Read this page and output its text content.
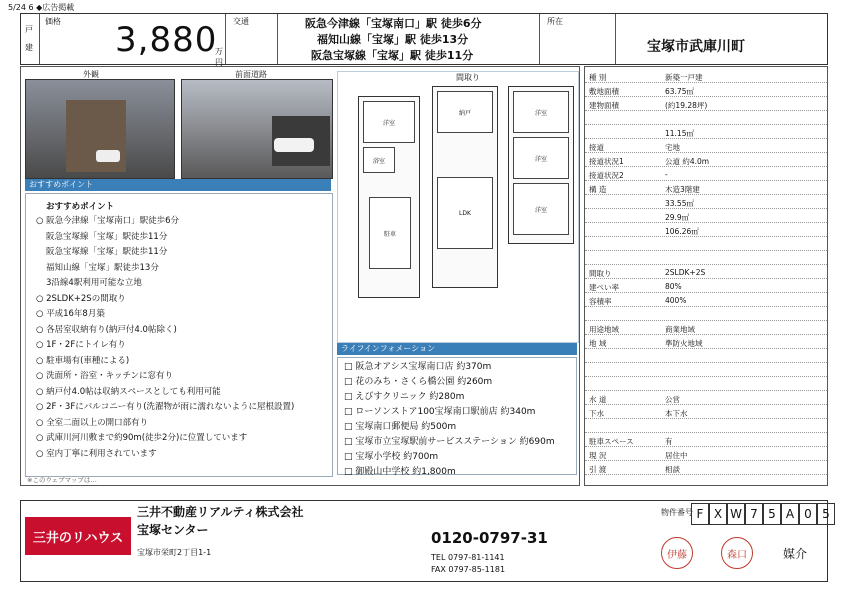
5/24 6 ◆広告掲載
戸
建
価格 3,880
万円
交通	阪急今津線「宝塚南口」駅 徒歩6分
福知山線「宝塚」駅 徒歩13分
阪急宝塚線「宝塚」駅 徒歩11分
所在
宝塚市武庫川町
外観	前面道路	間取り
洋室
浴室
駐車
納戸
LDK
洋室
洋室
洋室
おすすめポイント
おすすめポイント
○ 阪急今津線「宝塚南口」駅徒歩6分
阪急宝塚線「宝塚」駅徒歩11分
阪急宝塚線「宝塚」駅徒歩11分
福知山線「宝塚」駅徒歩13分
3沿線4駅利用可能な立地
○ 2SLDK+2Sの間取り
○ 平成16年8月築
○ 各居室収納有り(納戸付4.0帖除く)
○ 1F・2Fにトイレ有り
○ 駐車場有(車種による)
○ 洗面所・浴室・キッチンに窓有り
○ 納戸付4.0帖は収納スペースとしても利用可能
○ 2F・3Fにバルコニー有り(洗濯物が雨に濡れないように屋根設置)
○ 全室二面以上の開口部有り
○ 武庫川河川敷まで約90m(徒歩2分)に位置しています
○ 室内丁寧に利用されています
ライフインフォメーション
□ 阪急オアシス宝塚南口店 約370m
□ 花のみち・さくら橋公園 約260m
□ えびすクリニック 約280m
□ ローソンストア100宝塚南口駅前店 約340m
□ 宝塚南口郵便局 約500m
□ 宝塚市立宝塚駅前サービスステーション 約690m
□ 宝塚小学校 約700m
□ 御殿山中学校 約1,800m
※このウェブマップは…
種 別	新築一戸建
敷地面積	63.75㎡
建物面積	(約19.28坪)
11.15㎡
接道	宅地
接道状況1	公道 約4.0m
接道状況2	-
構 造	木造3階建
33.55㎡
29.9㎡
106.26㎡
間取り	2SLDK+2S
建ぺい率	80%
容積率	400%
用途地域	商業地域
地 域	準防火地域
水 道	公営
下水	本下水
駐車スペース	有
現 況	居住中
引 渡	相談
三井のリハウス
三井不動産リアルティ株式会社
宝塚センター
宝塚市栄町2丁目1-1
0120-0797-31
TEL 0797-81-1141
FAX 0797-85-1181
物件番号 F X W 7 5 A 0 5
伊藤	森口	媒介
